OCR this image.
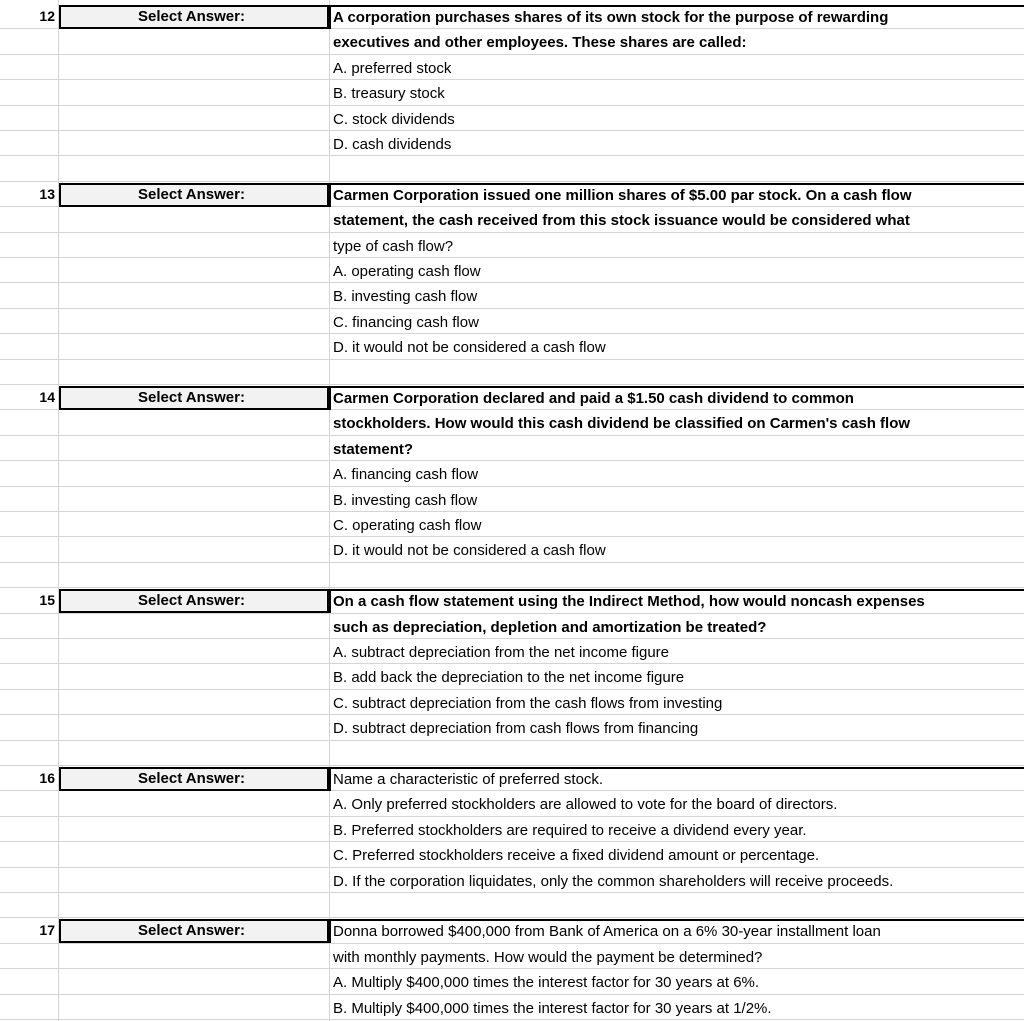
12	Select Answer:	A corporation purchases shares of its own stock for the purpose of rewarding
executives and other employees. These shares are called:
A. preferred stock
B. treasury stock
C. stock dividends
D. cash dividends
13	Select Answer:	Carmen Corporation issued one million shares of $5.00 par stock. On a cash flow
statement, the cash received from this stock issuance would be considered what
type of cash flow?
A. operating cash flow
B. investing cash flow
C. financing cash flow
D. it would not be considered a cash flow
14	Select Answer:	Carmen Corporation declared and paid a $1.50 cash dividend to common
stockholders. How would this cash dividend be classified on Carmen's cash flow
statement?
A. financing cash flow
B. investing cash flow
C. operating cash flow
D. it would not be considered a cash flow
15	Select Answer:	On a cash flow statement using the Indirect Method, how would noncash expenses
such as depreciation, depletion and amortization be treated?
A. subtract depreciation from the net income figure
B. add back the depreciation to the net income figure
C. subtract depreciation from the cash flows from investing
D. subtract depreciation from cash flows from financing
16	Select Answer:	Name a characteristic of preferred stock.
A. Only preferred stockholders are allowed to vote for the board of directors.
B. Preferred stockholders are required to receive a dividend every year.
C. Preferred stockholders receive a fixed dividend amount or percentage.
D. If the corporation liquidates, only the common shareholders will receive proceeds.
17	Select Answer:	Donna borrowed $400,000 from Bank of America on a 6% 30-year installment loan
with monthly payments. How would the payment be determined?
A. Multiply $400,000 times the interest factor for 30 years at 6%.
B. Multiply $400,000 times the interest factor for 30 years at 1/2%.
